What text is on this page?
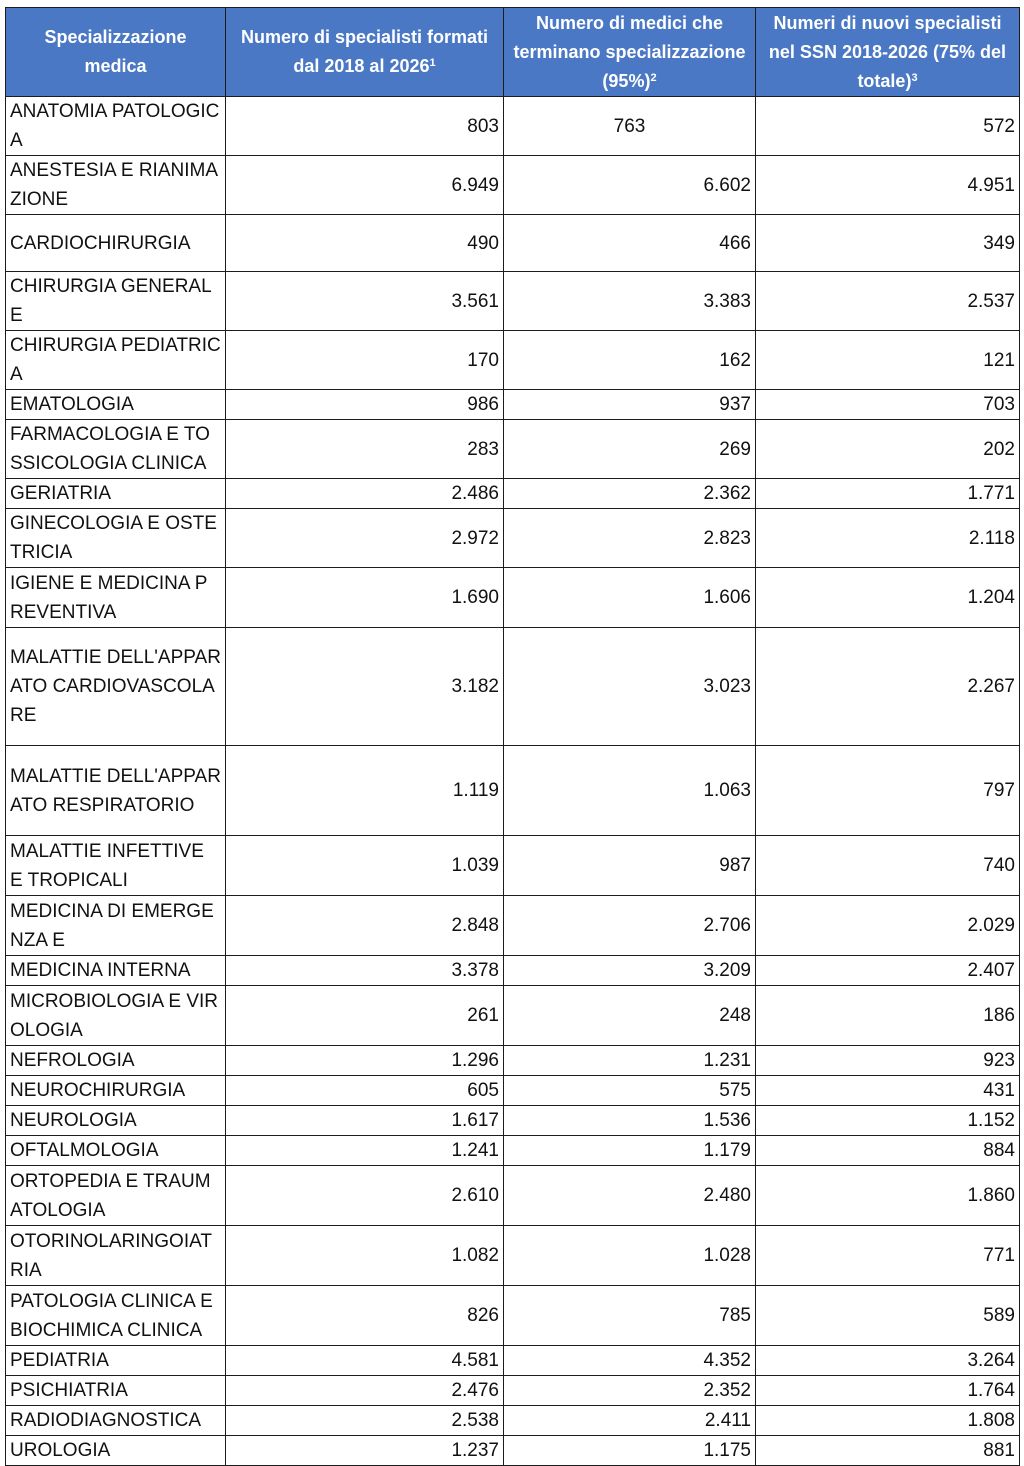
Specializzazione medica	Numero di specialisti formati dal 2018 al 2026$^1$	Numero di medici che terminano specializzazione $(95\%)^2$	Numeri di nuovi specialisti nel SSN 2018-2026 (75% del totale)$^3$
ANATOMIA PATOLOGICA	803	763	572
ANESTESIA E RIANIMAZIONE	6.949	6.602	4.951
CARDIOCHIRURGIA	490	466	349
CHIRURGIA GENERALE	3.561	3.383	2.537
CHIRURGIA PEDIATRICA	170	162	121
EMATOLOGIA	986	937	703
FARMACOLOGIA E TOSSICOLOGIA CLINICA	283	269	202
GERIATRIA	2.486	2.362	1.771
GINECOLOGIA E OSTETRICIA	2.972	2.823	2.118
IGIENE E MEDICINA PREVENTIVA	1.690	1.606	1.204
MALATTIE DELL'APPARATO CARDIOVASCOLARE	3.182	3.023	2.267
MALATTIE DELL'APPARATO RESPIRATORIO	1.119	1.063	797
MALATTIE INFETTIVE E TROPICALI	1.039	987	740
MEDICINA DI EMERGENZA E	2.848	2.706	2.029
MEDICINA INTERNA	3.378	3.209	2.407
MICROBIOLOGIA E VIROLOGIA	261	248	186
NEFROLOGIA	1.296	1.231	923
NEUROCHIRURGIA	605	575	431
NEUROLOGIA	1.617	1.536	1.152
OFTALMOLOGIA	1.241	1.179	884
ORTOPEDIA E TRAUMATOLOGIA	2.610	2.480	1.860
OTORINOLARINGOIATRIA	1.082	1.028	771
PATOLOGIA CLINICA E BIOCHIMICA CLINICA	826	785	589
PEDIATRIA	4.581	4.352	3.264
PSICHIATRIA	2.476	2.352	1.764
RADIODIAGNOSTICA	2.538	2.411	1.808
UROLOGIA	1.237	1.175	881
